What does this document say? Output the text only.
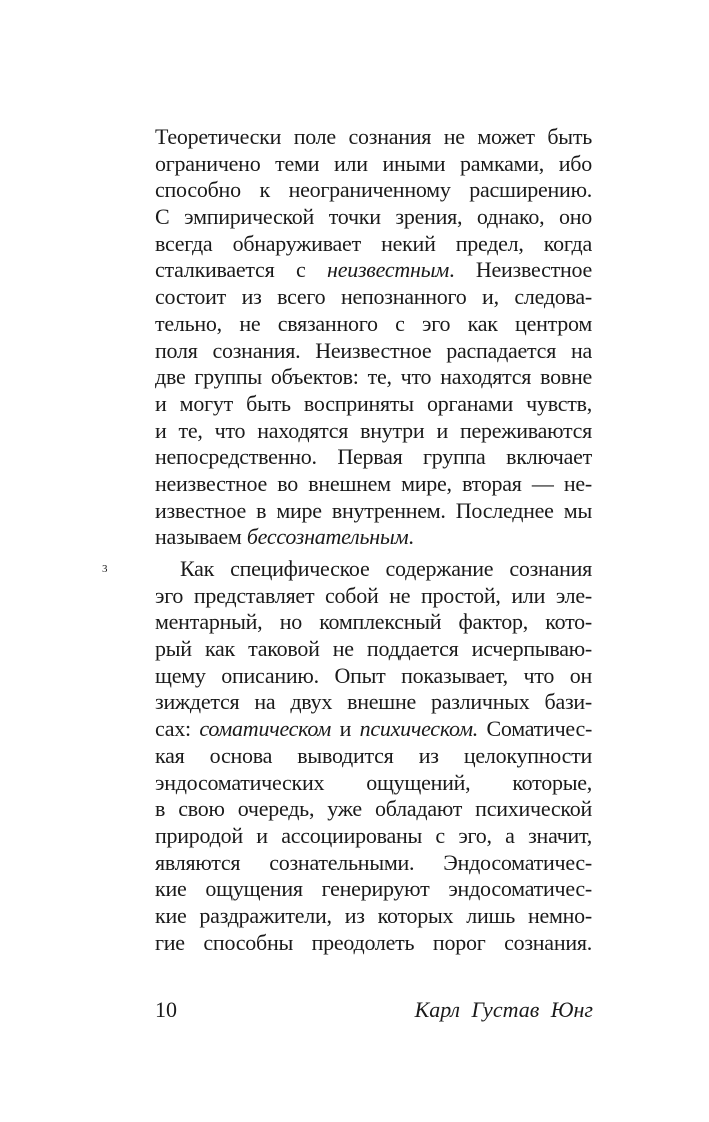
Теоретически поле сознания не может быть
ограничено теми или иными рамками, ибо
способно к неограниченному расширению.
С эмпирической точки зрения, однако, оно
всегда обнаруживает некий предел, когда
сталкивается с неизвестным. Неизвестное
состоит из всего непознанного и, следова-
тельно, не связанного с эго как центром
поля сознания. Неизвестное распадается на
две группы объектов: те, что находятся вовне
и могут быть восприняты органами чувств,
и те, что находятся внутри и переживаются
непосредственно. Первая группа включает
неизвестное во внешнем мире, вторая — не-
известное в мире внутреннем. Последнее мы
называем бессознательным.
Как специфическое содержание сознания
эго представляет собой не простой, или эле-
ментарный, но комплексный фактор, кото-
рый как таковой не поддается исчерпываю-
щему описанию. Опыт показывает, что он
зиждется на двух внешне различных бази-
сах: соматическом и психическом. Соматичес-
кая основа выводится из целокупности
эндосоматических ощущений, которые,
в свою очередь, уже обладают психической
природой и ассоциированы с эго, а значит,
являются сознательными. Эндосоматичес-
кие ощущения генерируют эндосоматичес-
кие раздражители, из которых лишь немно-
гие способны преодолеть порог сознания.
3
10	Карл Густав Юнг
